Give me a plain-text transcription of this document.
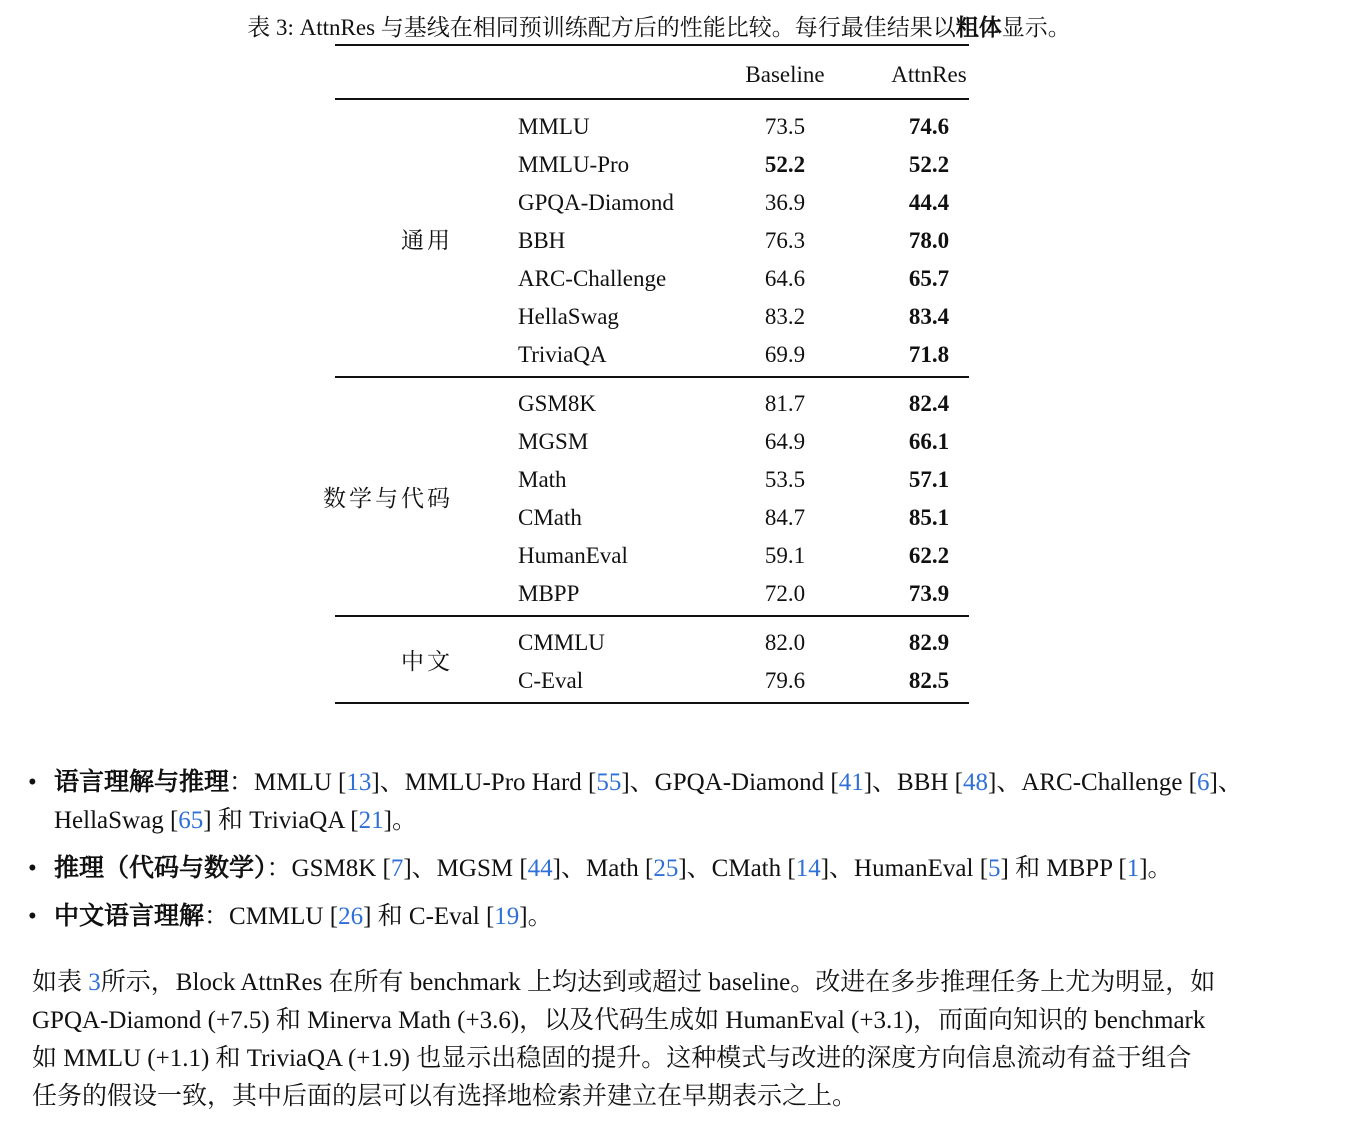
表 3: AttnRes 与基线在相同预训练配方后的性能比较。每行最佳结果以粗体显示。
Baseline	AttnRes
MMLU	73.5	74.6
MMLU-Pro	52.2	52.2
GPQA-Diamond	36.9	44.4
BBH	76.3	78.0
ARC-Challenge	64.6	65.7
HellaSwag	83.2	83.4
TriviaQA	69.9	71.8
通用
GSM8K	81.7	82.4
MGSM	64.9	66.1
Math	53.5	57.1
CMath	84.7	85.1
HumanEval	59.1	62.2
MBPP	72.0	73.9
数学与代码
CMMLU	82.0	82.9
C-Eval	79.6	82.5
中文
• 语言理解与推理：MMLU [13]、MMLU-Pro Hard [55]、GPQA-Diamond [41]、BBH [48]、ARC-Challenge [6]、
HellaSwag [65] 和 TriviaQA [21]。
• 推理（代码与数学）：GSM8K [7]、MGSM [44]、Math [25]、CMath [14]、HumanEval [5] 和 MBPP [1]。
• 中文语言理解：CMMLU [26] 和 C-Eval [19]。
如表 3所示，Block AttnRes 在所有 benchmark 上均达到或超过 baseline。改进在多步推理任务上尤为明显，如
GPQA-Diamond (+7.5) 和 Minerva Math (+3.6)，以及代码生成如 HumanEval (+3.1)，而面向知识的 benchmark
如 MMLU (+1.1) 和 TriviaQA (+1.9) 也显示出稳固的提升。这种模式与改进的深度方向信息流动有益于组合
任务的假设一致，其中后面的层可以有选择地检索并建立在早期表示之上。
